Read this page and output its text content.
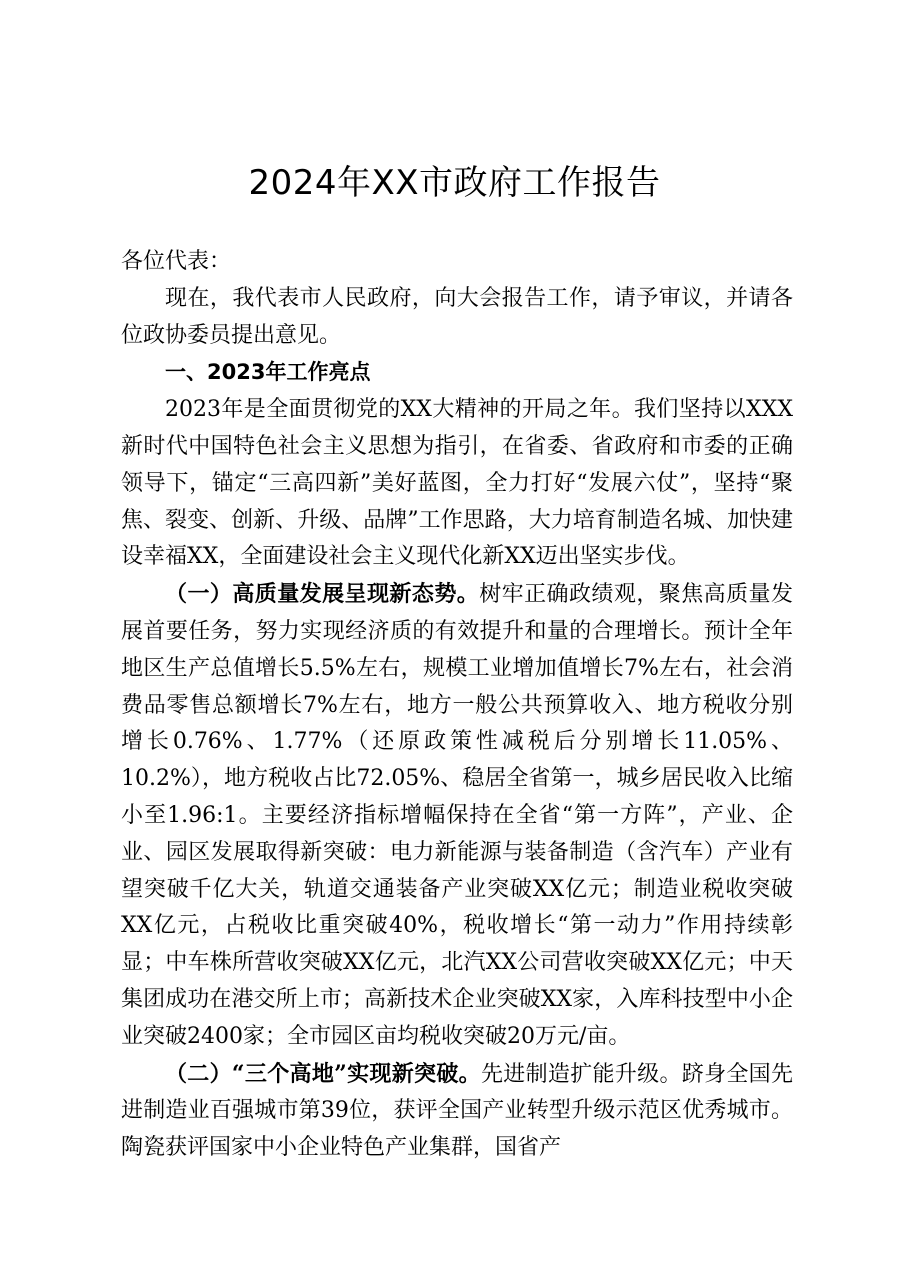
2024年XX市政府工作报告

各位代表：

现在，我代表市人民政府，向大会报告工作，请予审议，并请各位政协委员提出意见。

一、2023年工作亮点

2023年是全面贯彻党的XX大精神的开局之年。我们坚持以XXX新时代中国特色社会主义思想为指引，在省委、省政府和市委的正确领导下，锚定“三高四新”美好蓝图，全力打好“发展六仗”，坚持“聚焦、裂变、创新、升级、品牌”工作思路，大力培育制造名城、加快建设幸福XX，全面建设社会主义现代化新XX迈出坚实步伐。

（一）高质量发展呈现新态势。树牢正确政绩观，聚焦高质量发展首要任务，努力实现经济质的有效提升和量的合理增长。预计全年地区生产总值增长5.5%左右，规模工业增加值增长7%左右，社会消费品零售总额增长7%左右，地方一般公共预算收入、地方税收分别增长0.76%、1.77%（还原政策性减税后分别增长11.05%、10.2%），地方税收占比72.05%、稳居全省第一，城乡居民收入比缩小至1.96:1。主要经济指标增幅保持在全省“第一方阵”，产业、企业、园区发展取得新突破：电力新能源与装备制造（含汽车）产业有望突破千亿大关，轨道交通装备产业突破XX亿元；制造业税收突破XX亿元，占税收比重突破40%，税收增长“第一动力”作用持续彰显；中车株所营收突破XX亿元，北汽XX公司营收突破XX亿元；中天集团成功在港交所上市；高新技术企业突破XX家，入库科技型中小企业突破2400家；全市园区亩均税收突破20万元/亩。

（二）“三个高地”实现新突破。先进制造扩能升级。跻身全国先进制造业百强城市第39位，获评全国产业转型升级示范区优秀城市。陶瓷获评国家中小企业特色产业集群，国省产
